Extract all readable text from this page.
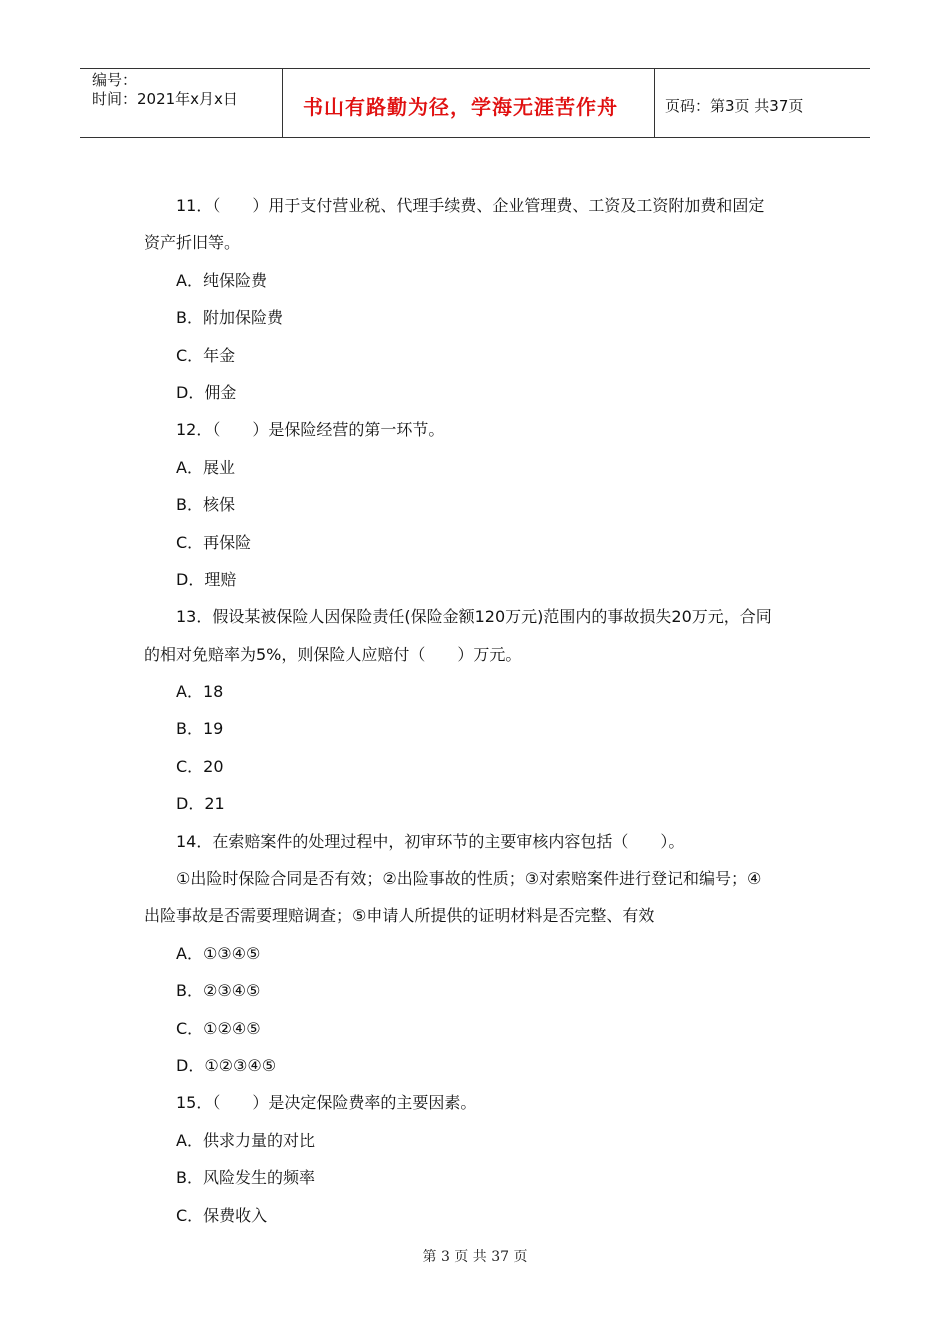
编号：
时间：2021年x月x日	书山有路勤为径，学海无涯苦作舟	页码：第3页 共37页
11．（　　）用于支付营业税、代理手续费、企业管理费、工资及工资附加费和固定
资产折旧等。
A．纯保险费
B．附加保险费
C．年金
D．佣金
12．（　　）是保险经营的第一环节。
A．展业
B．核保
C．再保险
D．理赔
13．假设某被保险人因保险责任(保险金额120万元)范围内的事故损失20万元，合同
的相对免赔率为5%，则保险人应赔付（　　）万元。
A．18
B．19
C．20
D．21
14．在索赔案件的处理过程中，初审环节的主要审核内容包括（　　）。
①出险时保险合同是否有效；②出险事故的性质；③对索赔案件进行登记和编号；④
出险事故是否需要理赔调查；⑤申请人所提供的证明材料是否完整、有效
A．①③④⑤
B．②③④⑤
C．①②④⑤
D．①②③④⑤
15．（　　）是决定保险费率的主要因素。
A．供求力量的对比
B．风险发生的频率
C．保费收入
第 3 页 共 37 页
